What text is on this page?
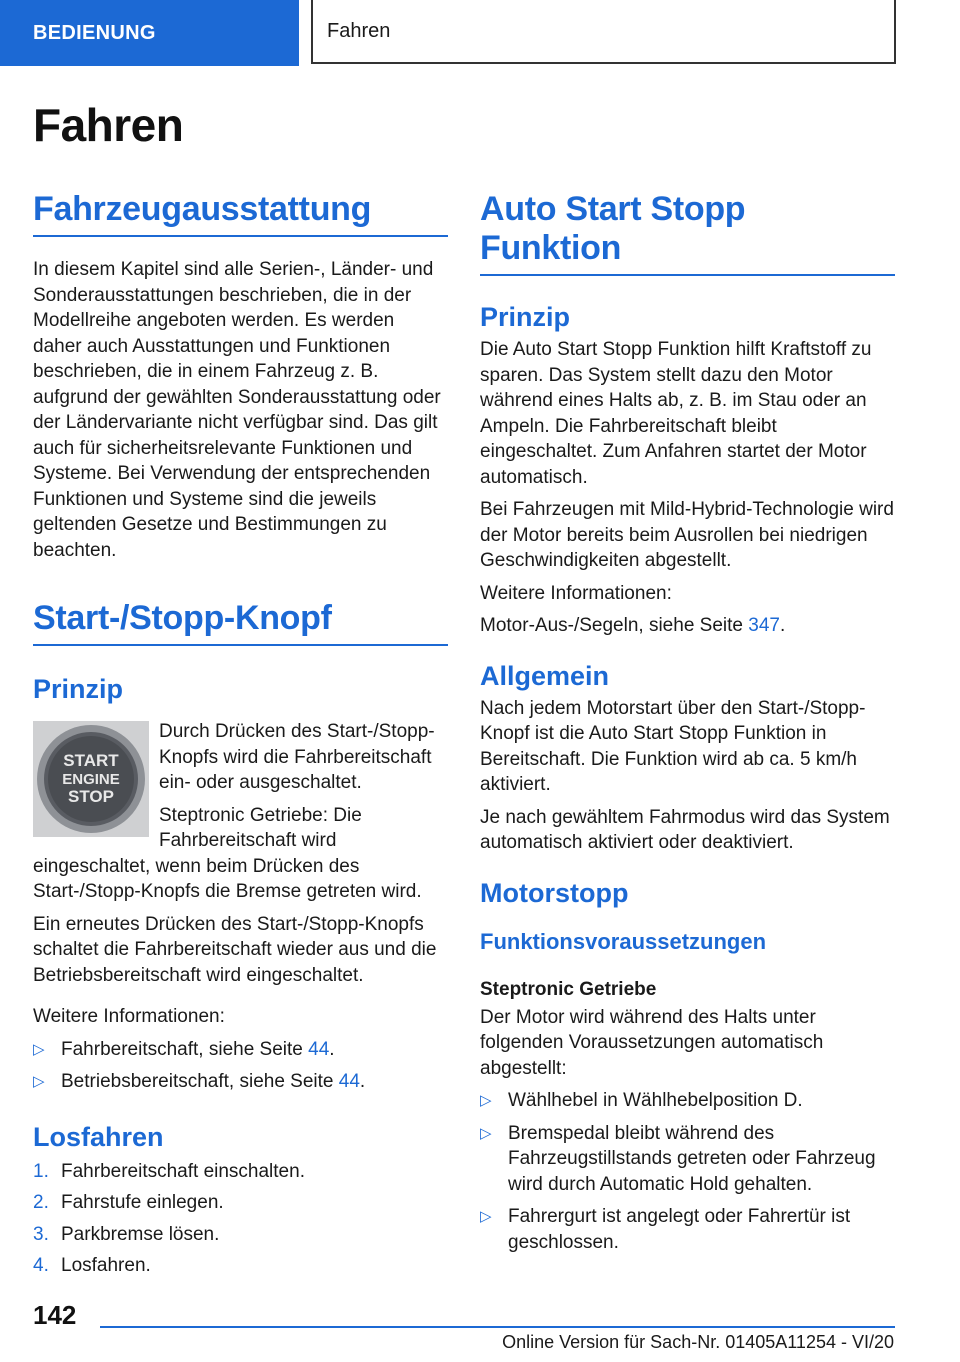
BEDIENUNG	Fahren
Fahren
Fahrzeugausstattung

In diesem Kapitel sind alle Serien-, Länder- und Sonderausstattungen beschrieben, die in der Modellreihe angeboten werden. Es werden daher auch Ausstattungen und Funktionen beschrieben, die in einem Fahrzeug z. B. aufgrund der gewählten Sonderausstattung oder der Ländervariante nicht verfügbar sind. Das gilt auch für sicherheitsrelevante Funktionen und Systeme. Bei Verwendung der entsprechenden Funktionen und Systeme sind die jeweils geltenden Gesetze und Bestimmungen zu beachten.

Start-/Stopp-Knopf
Prinzip
START
ENGINE
STOP

Durch Drücken des Start-/Stopp-Knopfs wird die Fahrbereitschaft ein- oder ausgeschaltet.

Steptronic Getriebe: Die Fahrbereitschaft wird eingeschaltet, wenn beim Drücken des Start-/Stopp-Knopfs die Bremse getreten wird.

Ein erneutes Drücken des Start-/Stopp-Knopfs schaltet die Fahrbereitschaft wieder aus und die Betriebsbereitschaft wird eingeschaltet.

Weitere Informationen:

▷ Fahrbereitschaft, siehe Seite 44.
▷ Betriebsbereitschaft, siehe Seite 44.
Losfahren
1. Fahrbereitschaft einschalten.
2. Fahrstufe einlegen.
3. Parkbremse lösen.
4. Losfahren.
Auto Start Stopp Funktion
Prinzip

Die Auto Start Stopp Funktion hilft Kraftstoff zu sparen. Das System stellt dazu den Motor während eines Halts ab, z. B. im Stau oder an Ampeln. Die Fahrbereitschaft bleibt eingeschaltet. Zum Anfahren startet der Motor automatisch.

Bei Fahrzeugen mit Mild-Hybrid-Technologie wird der Motor bereits beim Ausrollen bei niedrigen Geschwindigkeiten abgestellt.

Weitere Informationen:

Motor-Aus-/Segeln, siehe Seite 347.

Allgemein

Nach jedem Motorstart über den Start-/Stopp-Knopf ist die Auto Start Stopp Funktion in Bereitschaft. Die Funktion wird ab ca. 5 km/h aktiviert.

Je nach gewähltem Fahrmodus wird das System automatisch aktiviert oder deaktiviert.

Motorstopp
Funktionsvoraussetzungen
Steptronic Getriebe

Der Motor wird während des Halts unter folgenden Voraussetzungen automatisch abgestellt:

▷ Wählhebel in Wählhebelposition D.
▷ Bremspedal bleibt während des Fahrzeugstillstands getreten oder Fahrzeug wird durch Automatic Hold gehalten.
▷ Fahrergurt ist angelegt oder Fahrertür ist geschlossen.
142
Online Version für Sach-Nr. 01405A11254 - VI/20
